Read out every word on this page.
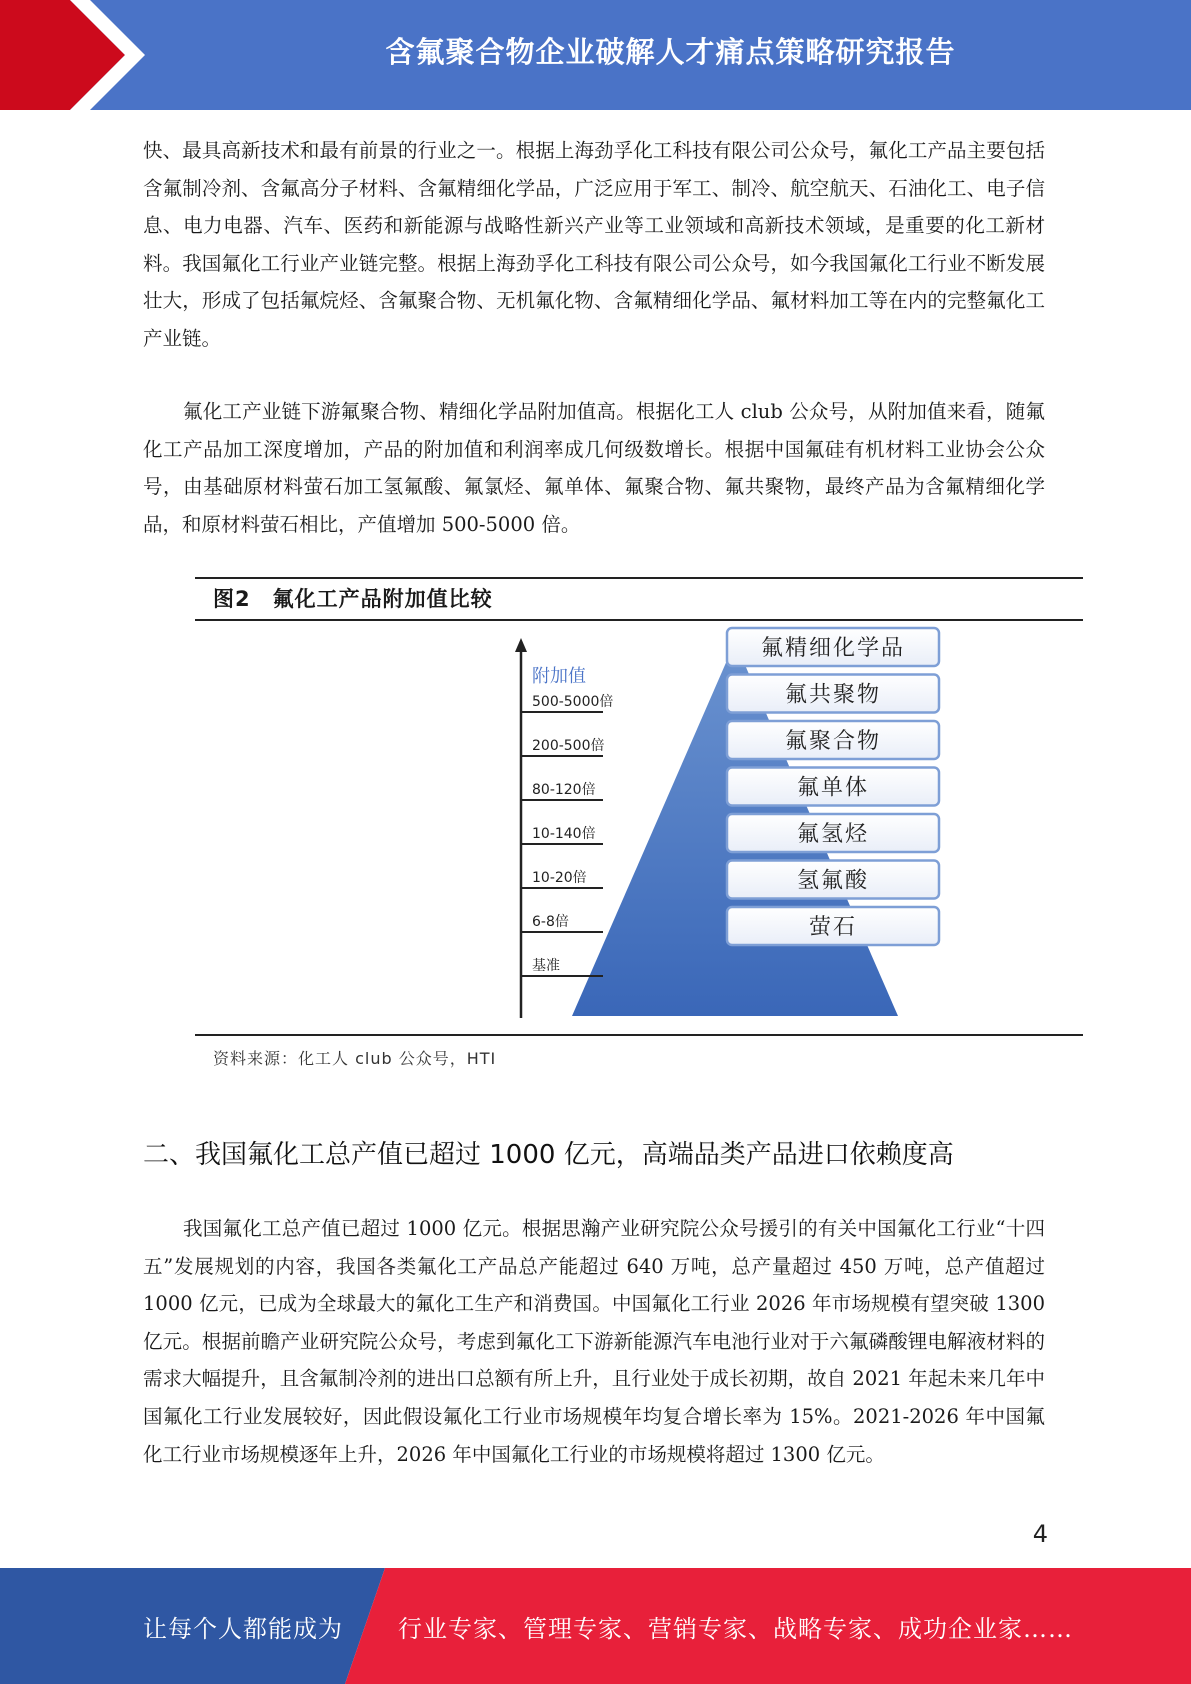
含氟聚合物企业破解人才痛点策略研究报告

快、最具高新技术和最有前景的行业之一。根据上海劲孚化工科技有限公司公众号，氟化工产品主要包括含氟制冷剂、含氟高分子材料、含氟精细化学品，广泛应用于军工、制冷、航空航天、石油化工、电子信息、电力电器、汽车、医药和新能源与战略性新兴产业等工业领域和高新技术领域，是重要的化工新材料。我国氟化工行业产业链完整。根据上海劲孚化工科技有限公司公众号，如今我国氟化工行业不断发展壮大，形成了包括氟烷烃、含氟聚合物、无机氟化物、含氟精细化学品、氟材料加工等在内的完整氟化工产业链。

氟化工产业链下游氟聚合物、精细化学品附加值高。根据化工人 club 公众号，从附加值来看，随氟化工产品加工深度增加，产品的附加值和利润率成几何级数增长。根据中国氟硅有机材料工业协会公众号，由基础原材料萤石加工氢氟酸、氟氯烃、氟单体、氟聚合物、氟共聚物，最终产品为含氟精细化学品，和原材料萤石相比，产值增加 500-5000 倍。

图2 氟化工产品附加值比较
附加值
500-5000倍
200-500倍
80-120倍
10-140倍
10-20倍
6-8倍
基准
氟精细化学品
氟共聚物
氟聚合物
氟单体
氟氢烃
氢氟酸
萤石
资料来源：化工人 club 公众号，HTI
二、我国氟化工总产值已超过 1000 亿元，高端品类产品进口依赖度高

我国氟化工总产值已超过 1000 亿元。根据思瀚产业研究院公众号援引的有关中国氟化工行业“十四五”发展规划的内容，我国各类氟化工产品总产能超过 640 万吨，总产量超过 450 万吨，总产值超过 1000 亿元，已成为全球最大的氟化工生产和消费国。中国氟化工行业 2026 年市场规模有望突破 1300 亿元。根据前瞻产业研究院公众号，考虑到氟化工下游新能源汽车电池行业对于六氟磷酸锂电解液材料的需求大幅提升，且含氟制冷剂的进出口总额有所上升，且行业处于成长初期，故自 2021 年起未来几年中国氟化工行业发展较好，因此假设氟化工行业市场规模年均复合增长率为 15%。2021-2026 年中国氟化工行业市场规模逐年上升，2026 年中国氟化工行业的市场规模将超过 1300 亿元。

4
让每个人都能成为 行业专家、管理专家、营销专家、战略专家、成功企业家……
